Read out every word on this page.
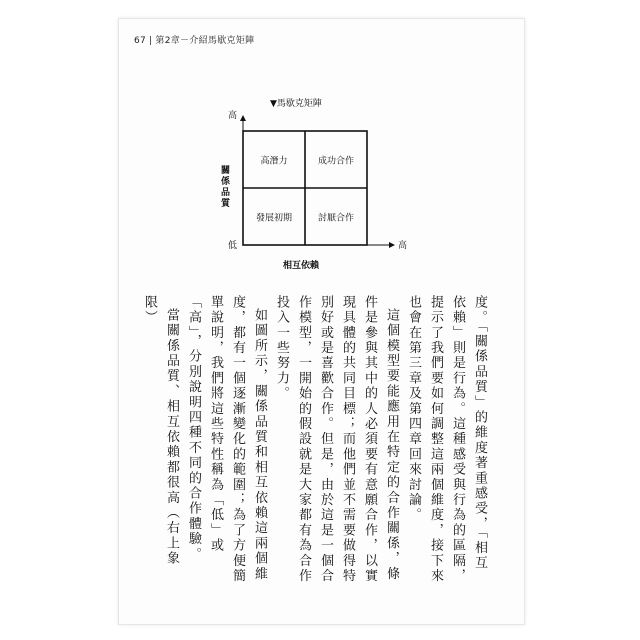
67 | 第2章－介紹馬歇克矩陣
▼馬歇克矩陣
高
低	高
關係品質
相互依賴
高潛力	成功合作
發展初期	討厭合作

度。「關係品質」的維度著重感受，「相互依賴」則是行為。這種感受與行為的區隔，提示了我們要如何調整這兩個維度，接下來也會在第三章及第四章回來討論。

這個模型要能應用在特定的合作關係，條件是參與其中的人必須要有意願合作，以實現具體的共同目標；而他們並不需要做得特別好或是喜歡合作。但是，由於這是一個合作模型，一開始的假設就是大家都有為合作投入一些努力。

如圖所示，關係品質和相互依賴這兩個維度，都有一個逐漸變化的範圍；為了方便簡單說明，我們將這些特性稱為「低」或「高」，分別說明四種不同的合作體驗。

當關係品質、相互依賴都很高（右上象限）
